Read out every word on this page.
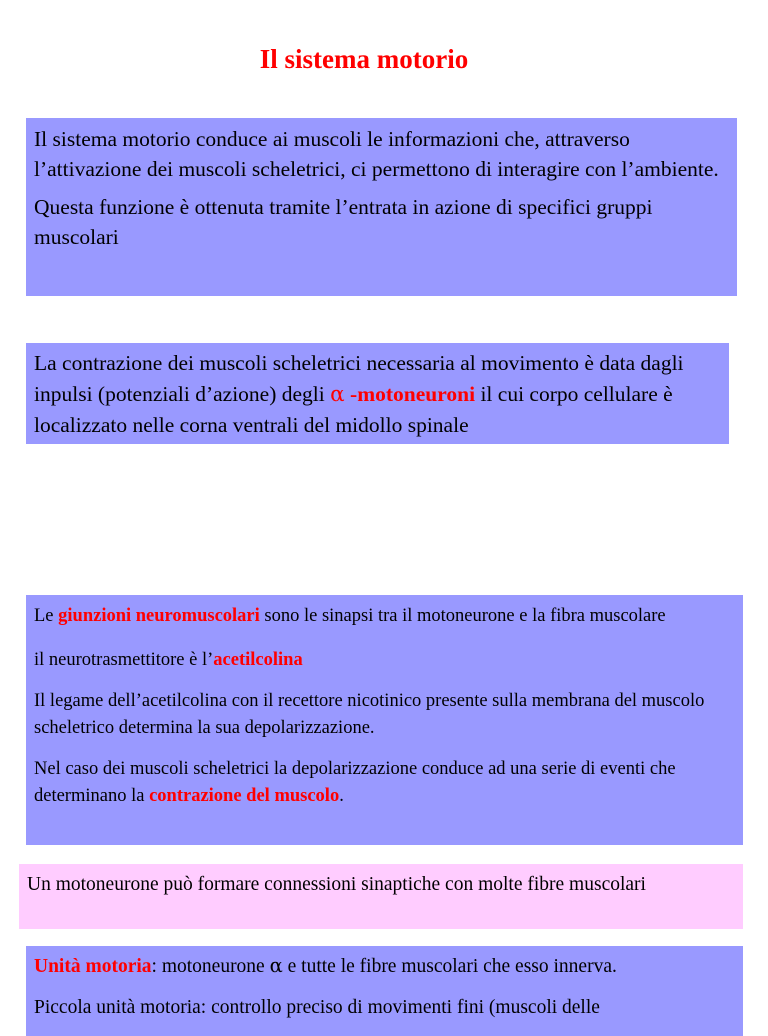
Il sistema motorio

Il sistema motorio conduce ai muscoli le informazioni che, attraverso l’attivazione dei muscoli scheletrici, ci permettono di interagire con l’ambiente.

Questa funzione è ottenuta tramite l’entrata in azione di specifici gruppi muscolari

La contrazione dei muscoli scheletrici necessaria al movimento è data dagli inpulsi (potenziali d’azione) degli α -motoneuroni il cui corpo cellulare è localizzato nelle corna ventrali del midollo spinale

Le giunzioni neuromuscolari sono le sinapsi tra il motoneurone e la fibra muscolare

il neurotrasmettitore è l’acetilcolina

Il legame dell’acetilcolina con il recettore nicotinico presente sulla membrana del muscolo scheletrico determina la sua depolarizzazione.

Nel caso dei muscoli scheletrici la depolarizzazione conduce ad una serie di eventi che determinano la contrazione del muscolo.

Un motoneurone può formare connessioni sinaptiche con molte fibre muscolari

Unità motoria: motoneurone α e tutte le fibre muscolari che esso innerva.

Piccola unità motoria: controllo preciso di movimenti fini (muscoli delle
